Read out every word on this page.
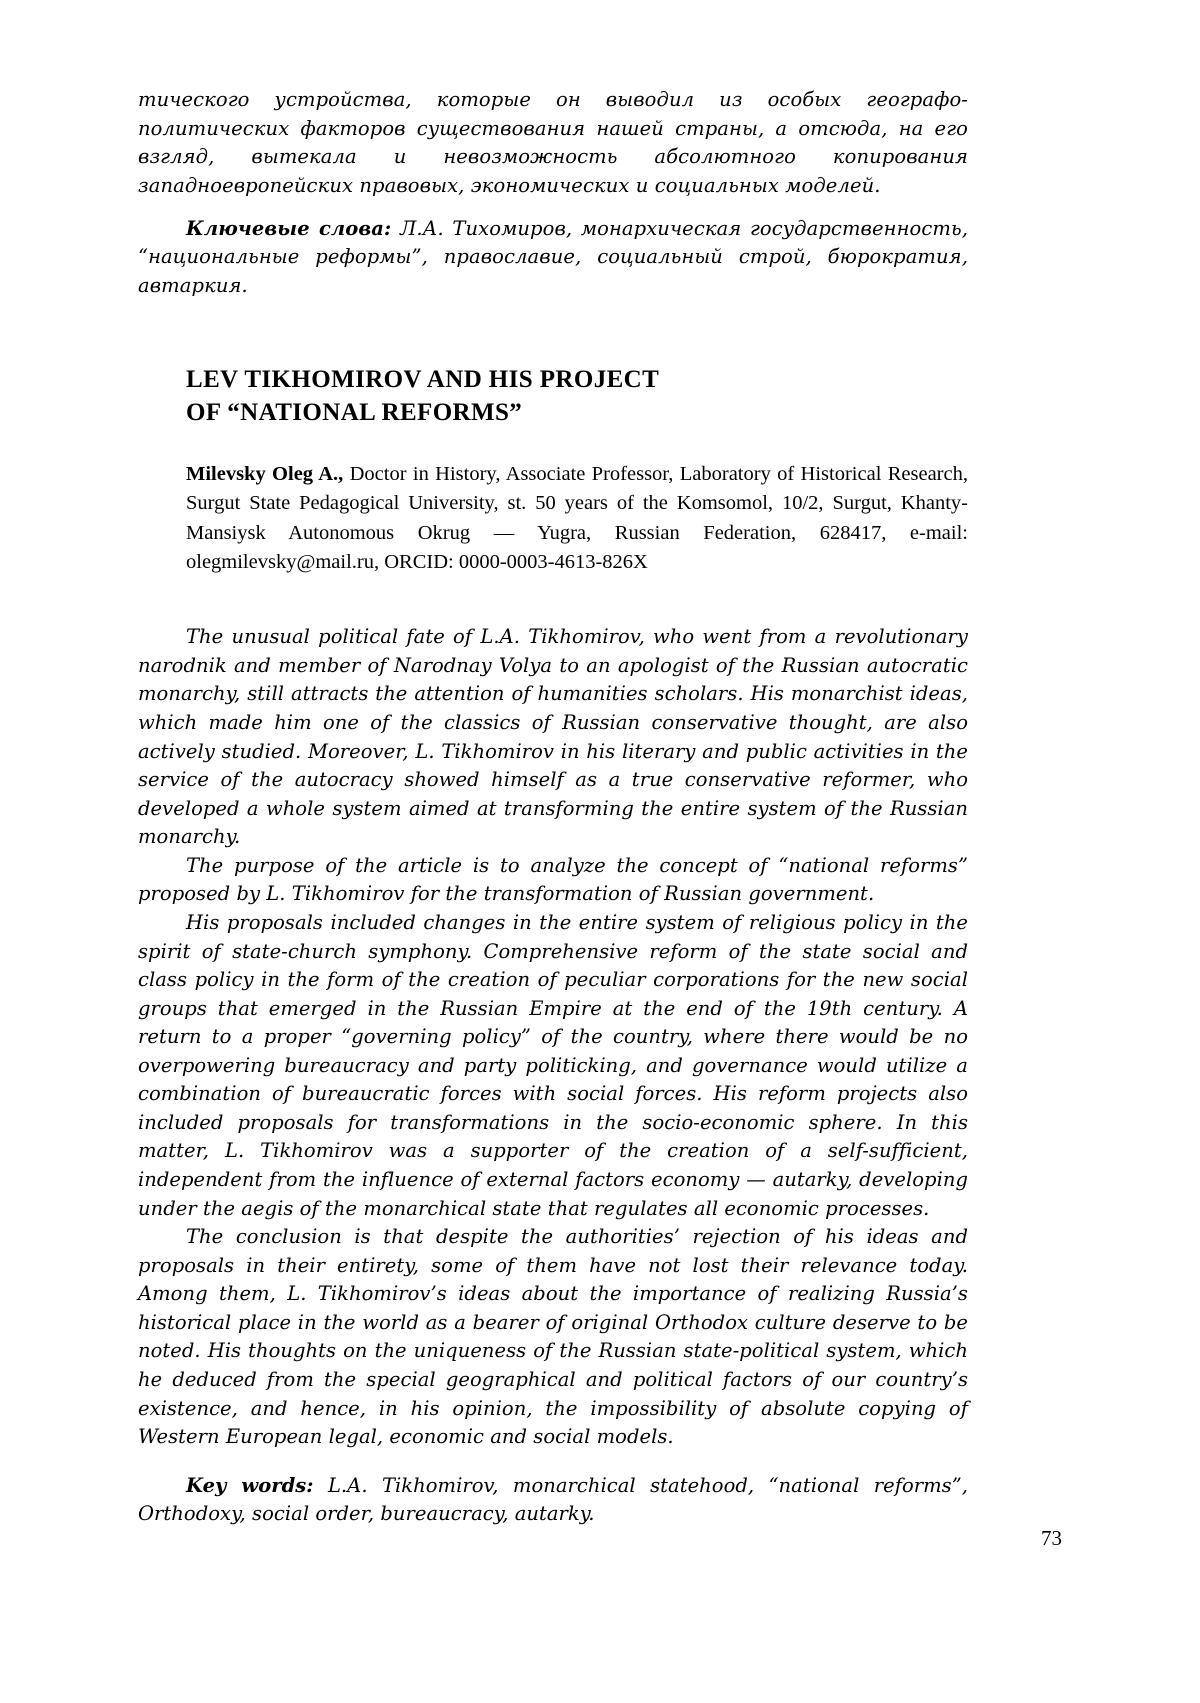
тического устройства, которые он выводил из особых географо-политических факторов существования нашей страны, а отсюда, на его взгляд, вытекала и невозможность абсолютного копирования западноевропейских правовых, экономических и социальных моделей.

Ключевые слова: Л.А. Тихомиров, монархическая государственность, “национальные реформы”, православие, социальный строй, бюрократия, автаркия.

LEV TIKHOMIROV AND HIS PROJECT
OF “NATIONAL REFORMS”
Milevsky Oleg A., Doctor in History, Associate Professor, Laboratory of Historical Research, Surgut State Pedagogical University, st. 50 years of the Komsomol, 10/2, Surgut, Khanty-Mansiysk Autonomous Okrug — Yugra, Russian Federation, 628417, e-mail: olegmilevsky@mail.ru, ORCID: 0000-0003-4613-826X

The unusual political fate of L.A. Tikhomirov, who went from a revolutionary narodnik and member of Narodnay Volya to an apologist of the Russian autocratic monarchy, still attracts the attention of humanities scholars. His monarchist ideas, which made him one of the classics of Russian conservative thought, are also actively studied. Moreover, L. Tikhomirov in his literary and public activities in the service of the autocracy showed himself as a true conservative reformer, who developed a whole system aimed at transforming the entire system of the Russian monarchy.

The purpose of the article is to analyze the concept of “national reforms” proposed by L. Tikhomirov for the transformation of Russian government.

His proposals included changes in the entire system of religious policy in the spirit of state-church symphony. Comprehensive reform of the state social and class policy in the form of the creation of peculiar corporations for the new social groups that emerged in the Russian Empire at the end of the 19th century. A return to a proper “governing policy” of the country, where there would be no overpowering bureaucracy and party politicking, and governance would utilize a combination of bureaucratic forces with social forces. His reform projects also included proposals for transformations in the socio-economic sphere. In this matter, L. Tikhomirov was a supporter of the creation of a self-sufficient, independent from the influence of external factors economy — autarky, developing under the aegis of the monarchical state that regulates all economic processes.

The conclusion is that despite the authorities’ rejection of his ideas and proposals in their entirety, some of them have not lost their relevance today. Among them, L. Tikhomirov’s ideas about the importance of realizing Russia’s historical place in the world as a bearer of original Orthodox culture deserve to be noted. His thoughts on the uniqueness of the Russian state-political system, which he deduced from the special geographical and political factors of our country’s existence, and hence, in his opinion, the impossibility of absolute copying of Western European legal, economic and social models.

Key words: L.A. Tikhomirov, monarchical statehood, “national reforms”, Orthodoxy, social order, bureaucracy, autarky.

73
